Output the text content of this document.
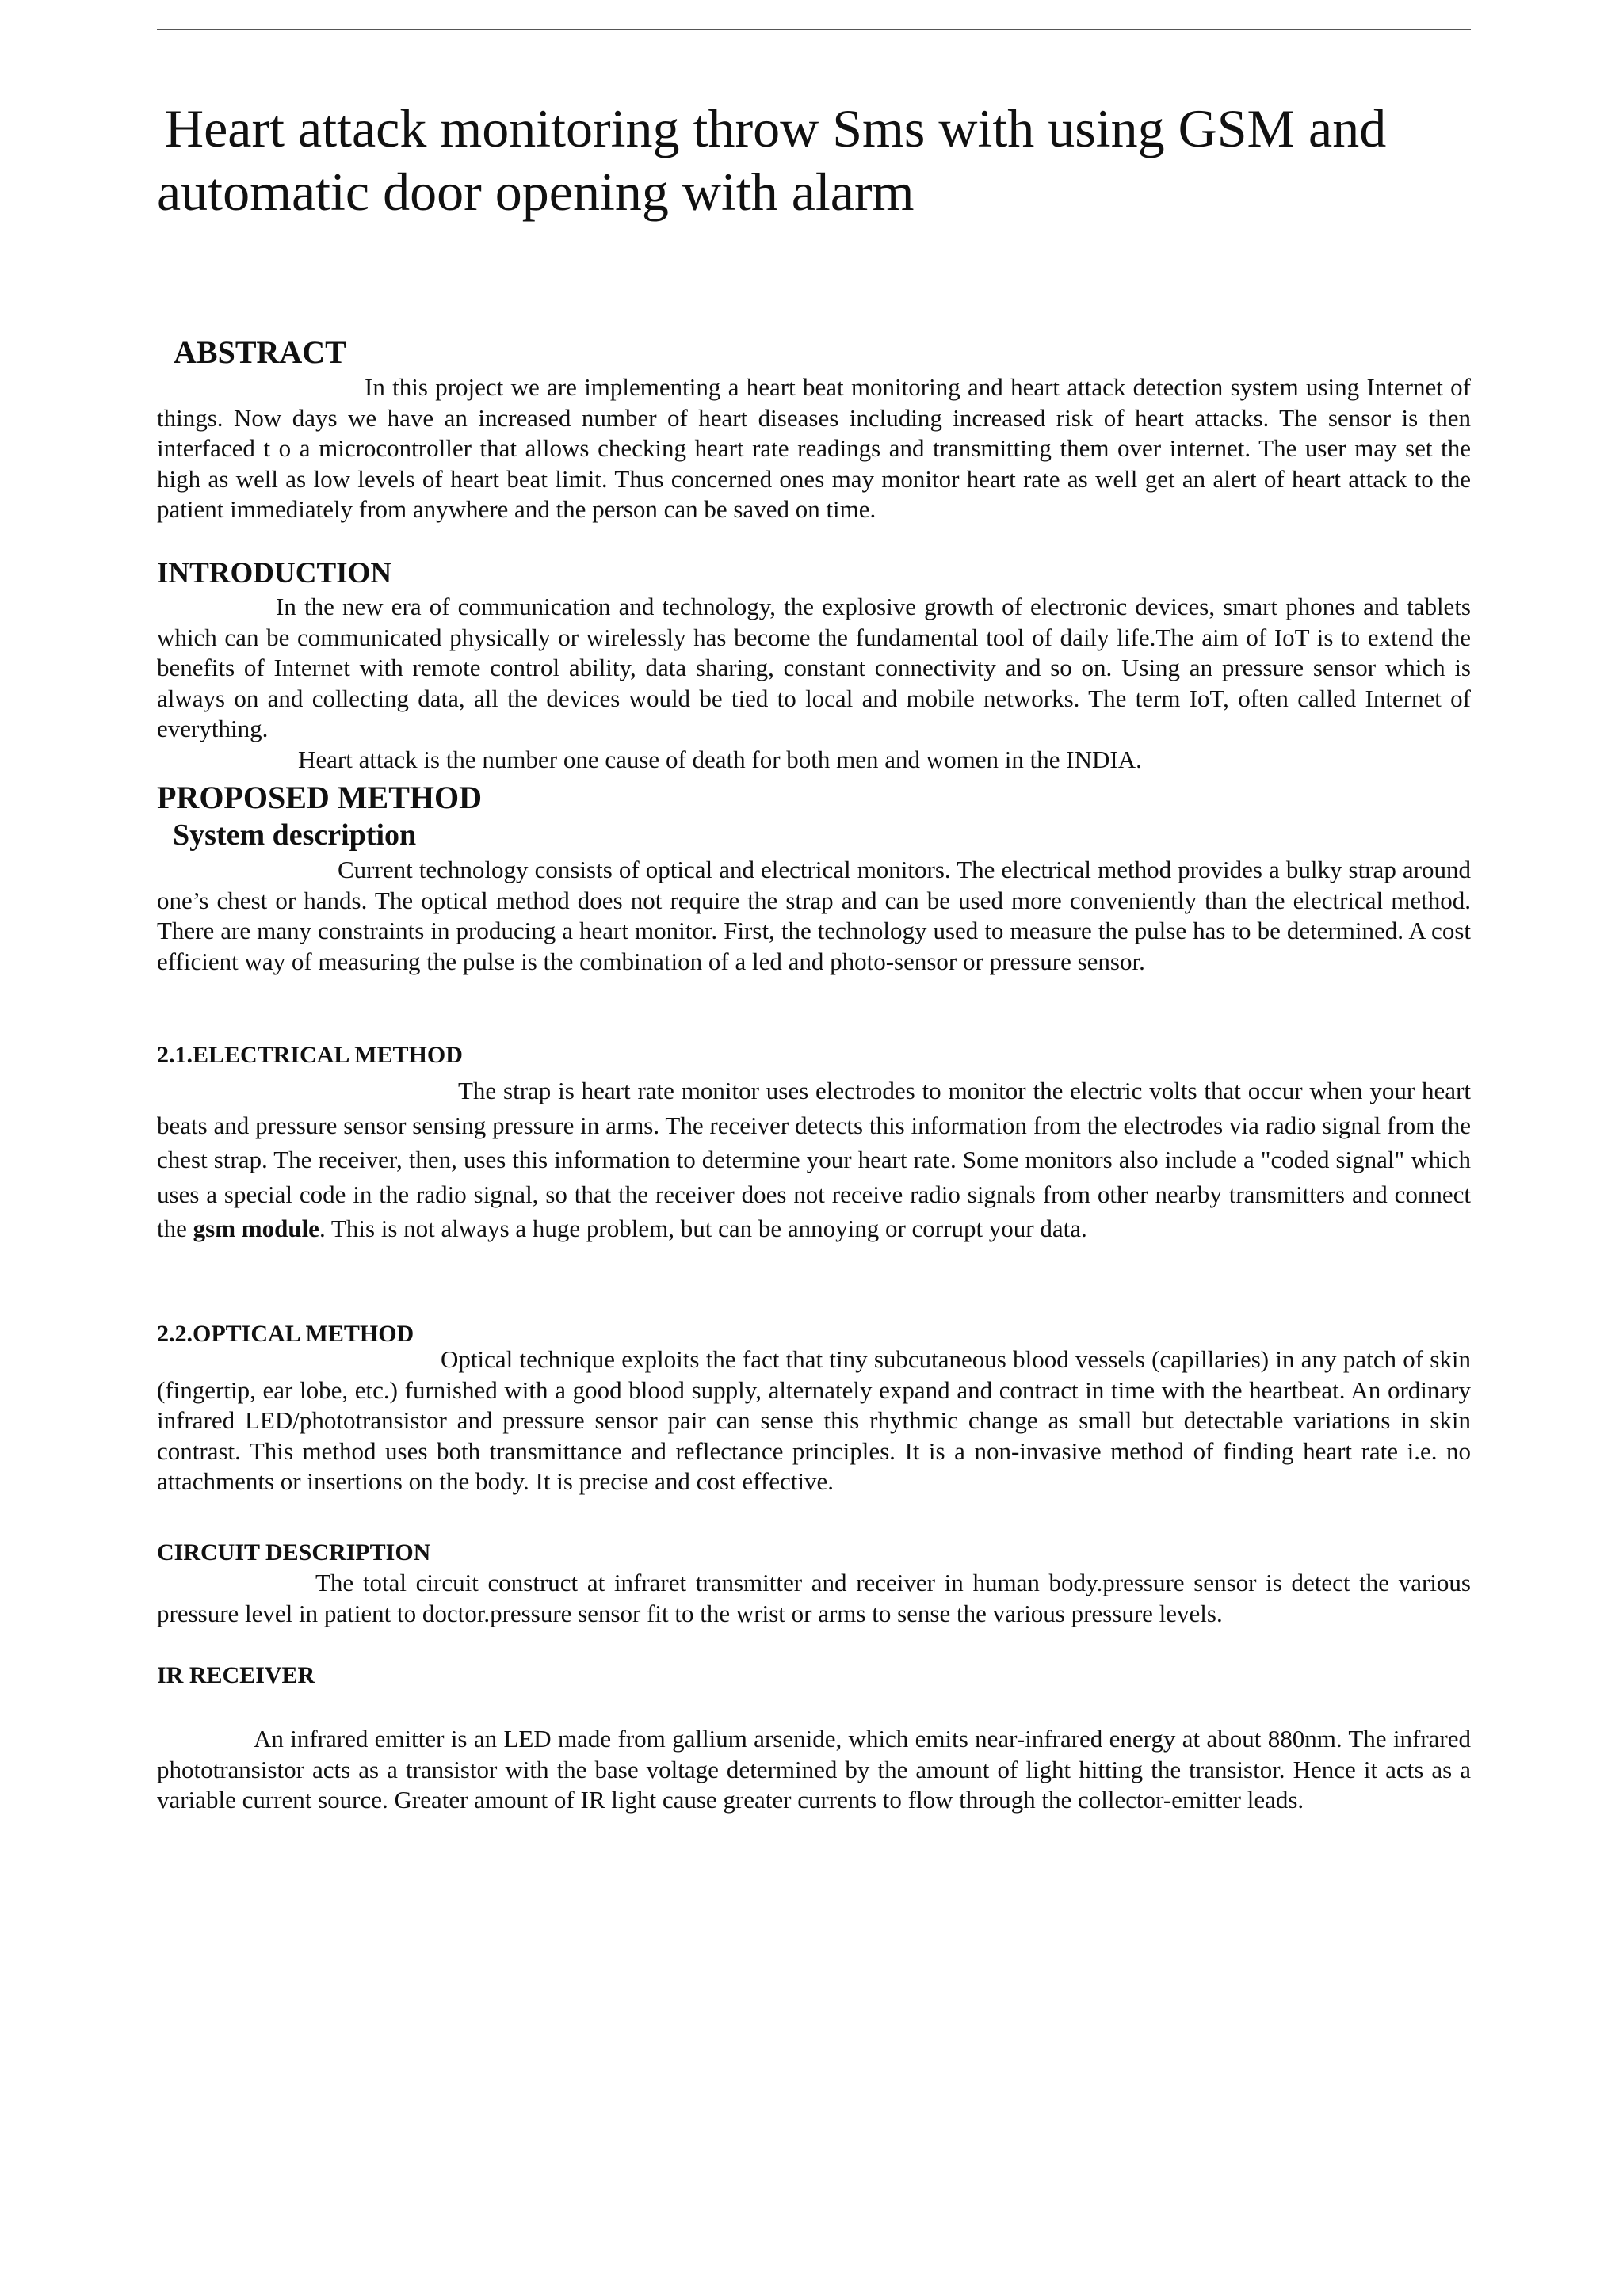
Heart attack monitoring throw Sms with using GSM and
automatic door opening with alarm
ABSTRACT

In this project we are implementing a heart beat monitoring and heart attack detection system using Internet of things. Now days we have an increased number of heart diseases including increased risk of heart attacks. The sensor is then interfaced t o a microcontroller that allows checking heart rate readings and transmitting them over internet. The user may set the high as well as low levels of heart beat limit. Thus concerned ones may monitor heart rate as well get an alert of heart attack to the patient immediately from anywhere and the person can be saved on time.

INTRODUCTION

In the new era of communication and technology, the explosive growth of electronic devices, smart phones and tablets which can be communicated physically or wirelessly has become the fundamental tool of daily life.The aim of IoT is to extend the benefits of Internet with remote control ability, data sharing, constant connectivity and so on. Using an pressure sensor which is always on and collecting data, all the devices would be tied to local and mobile networks. The term IoT, often called Internet of everything.

Heart attack is the number one cause of death for both men and women in the INDIA.

PROPOSED METHOD
System description

Current technology consists of optical and electrical monitors. The electrical method provides a bulky strap around one’s chest or hands. The optical method does not require the strap and can be used more conveniently than the electrical method. There are many constraints in producing a heart monitor. First, the technology used to measure the pulse has to be determined. A cost efficient way of measuring the pulse is the combination of a led and photo-sensor or pressure sensor.

2.1.ELECTRICAL METHOD

The strap is heart rate monitor uses electrodes to monitor the electric volts that occur when your heart beats and pressure sensor sensing pressure in arms. The receiver detects this information from the electrodes via radio signal from the chest strap. The receiver, then, uses this information to determine your heart rate. Some monitors also include a "coded signal" which uses a special code in the radio signal, so that the receiver does not receive radio signals from other nearby transmitters and connect the gsm module. This is not always a huge problem, but can be annoying or corrupt your data.

2.2.OPTICAL METHOD

Optical technique exploits the fact that tiny subcutaneous blood vessels (capillaries) in any patch of skin (fingertip, ear lobe, etc.) furnished with a good blood supply, alternately expand and contract in time with the heartbeat. An ordinary infrared LED/phototransistor and pressure sensor pair can sense this rhythmic change as small but detectable variations in skin contrast. This method uses both transmittance and reflectance principles. It is a non-invasive method of finding heart rate i.e. no attachments or insertions on the body. It is precise and cost effective.

CIRCUIT DESCRIPTION

The total circuit construct at infraret transmitter and receiver in human body.pressure sensor is detect the various pressure level in patient to doctor.pressure sensor fit to the wrist or arms to sense the various pressure levels.

IR RECEIVER

An infrared emitter is an LED made from gallium arsenide, which emits near-infrared energy at about 880nm. The infrared phototransistor acts as a transistor with the base voltage determined by the amount of light hitting the transistor. Hence it acts as a variable current source. Greater amount of IR light cause greater currents to flow through the collector-emitter leads.
